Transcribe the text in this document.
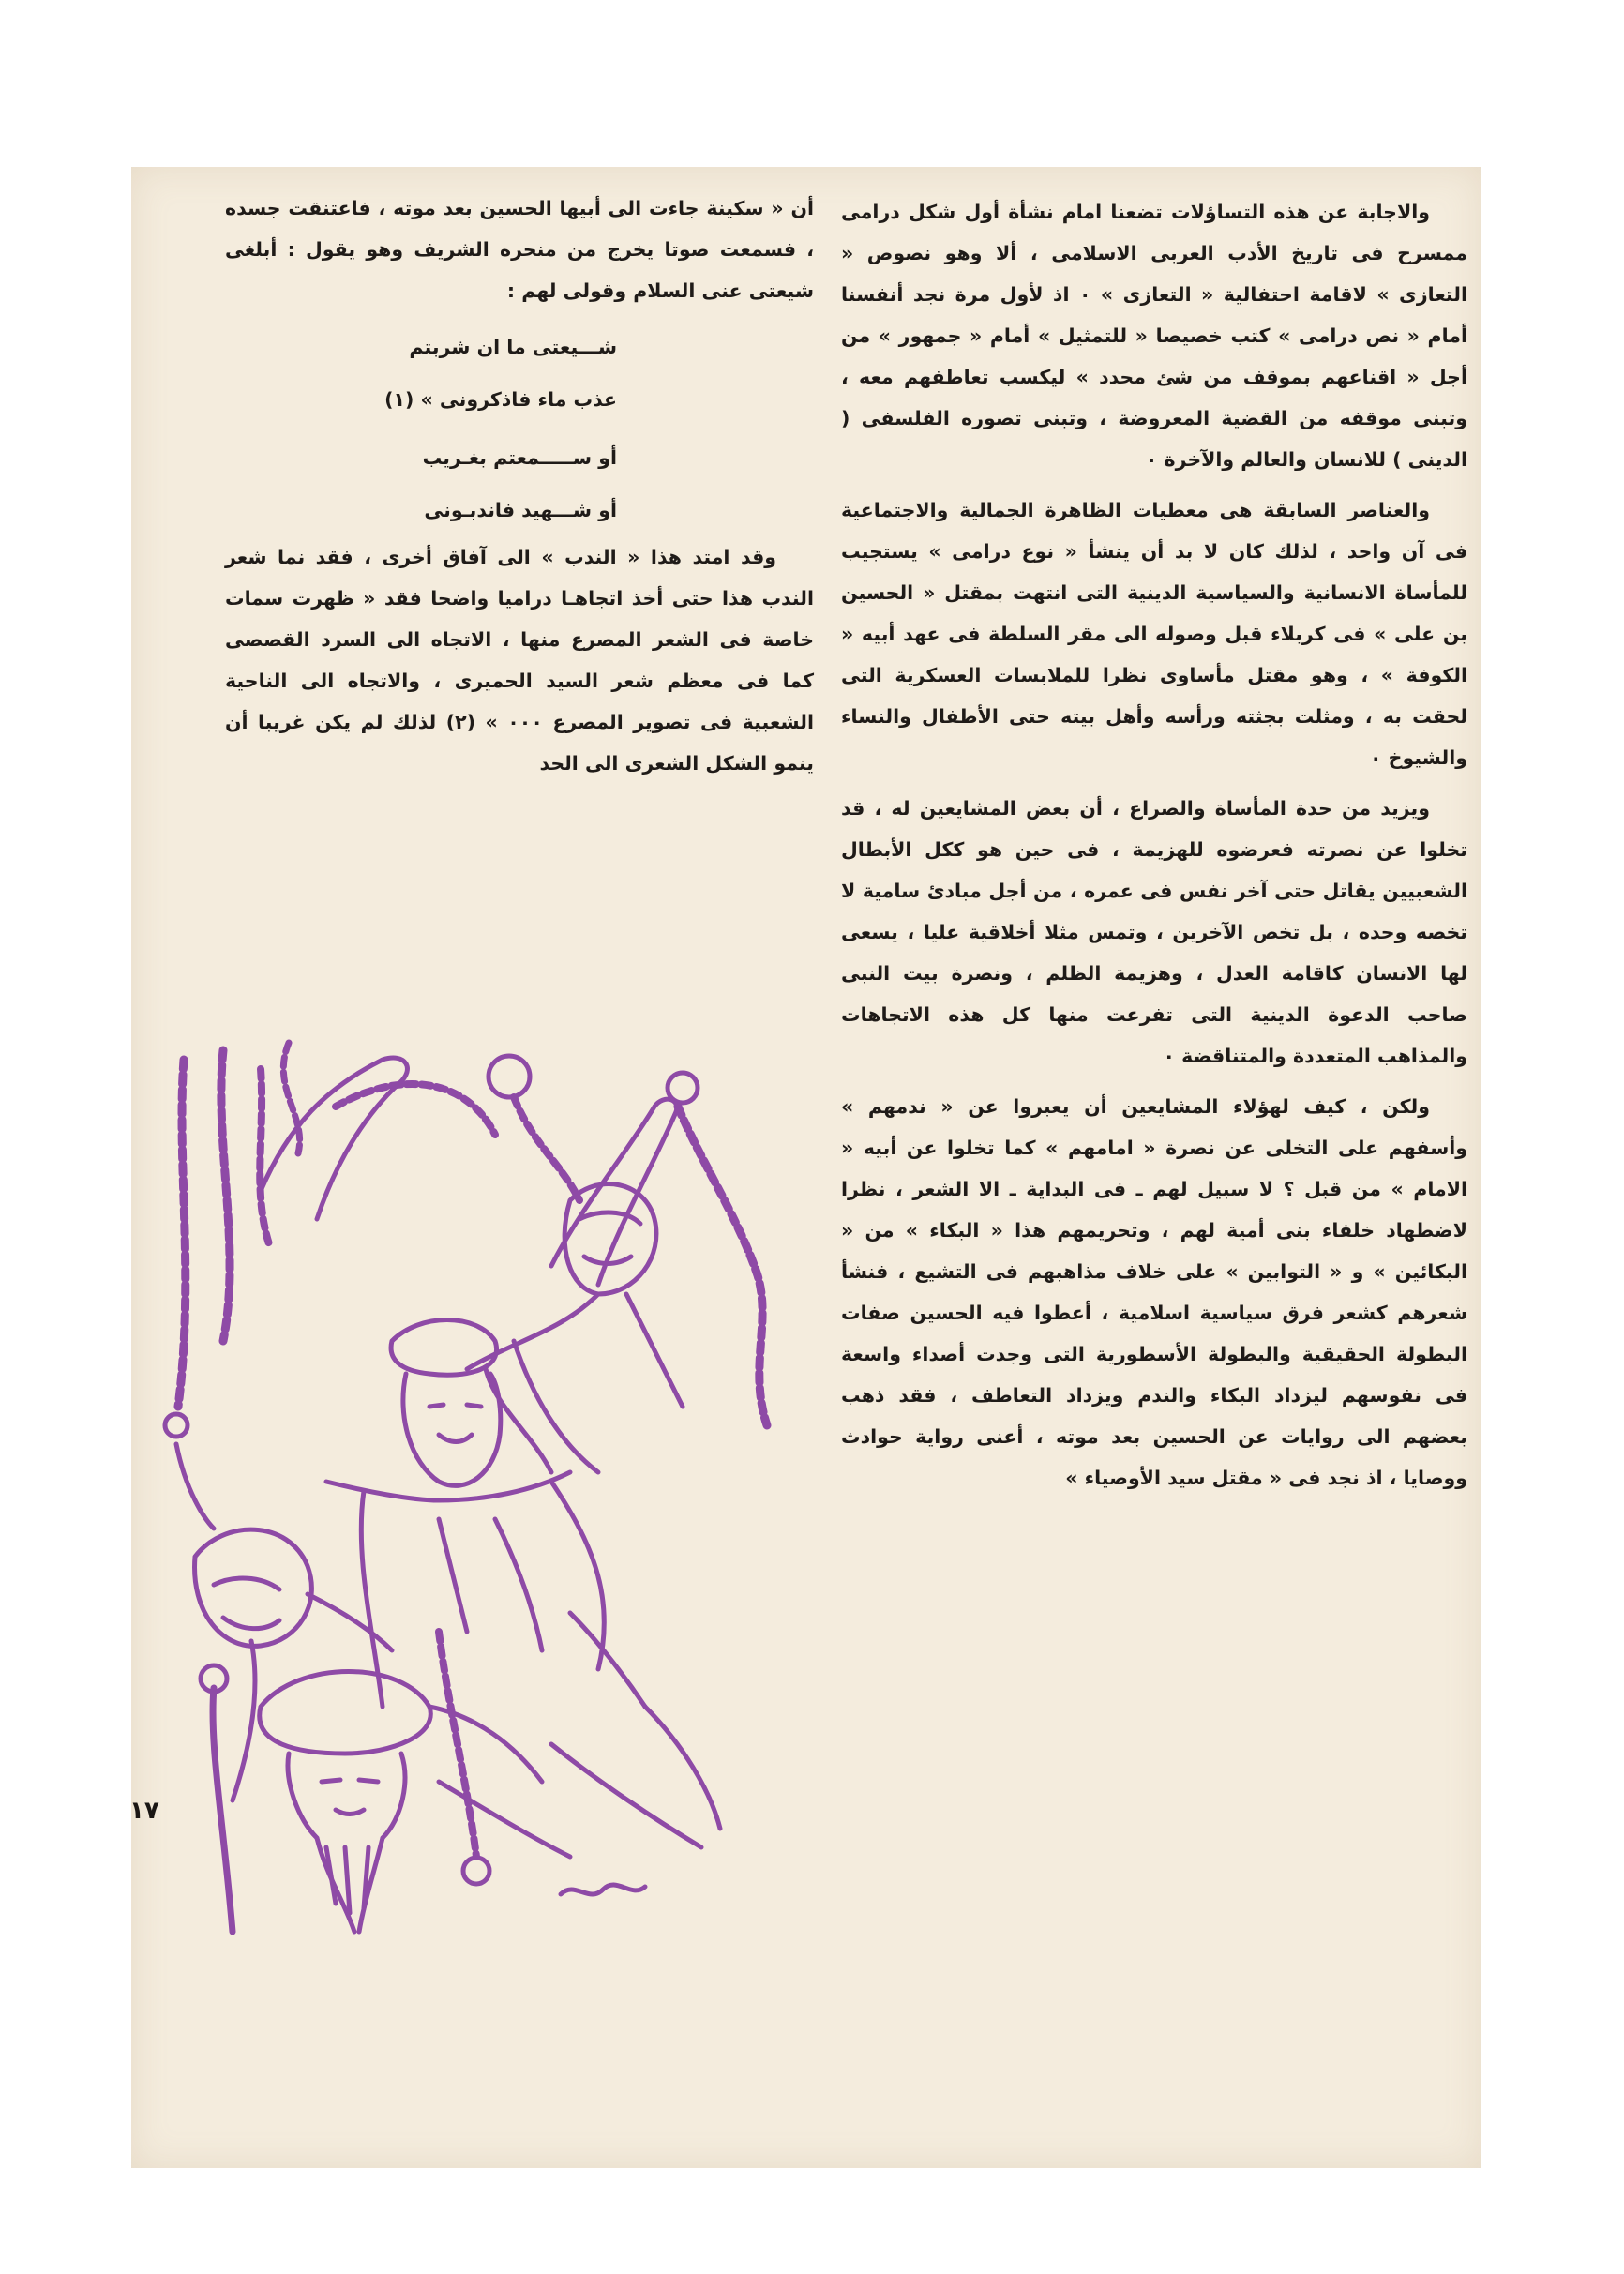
والاجابة عن هذه التساؤلات تضعنا امام نشأة أول شكل درامى ممسرح فى تاريخ الأدب العربى الاسلامى ، ألا وهو نصوص « التعازى » لاقامة احتفالية « التعازى » ٠ اذ لأول مرة نجد أنفسنا أمام « نص درامى » كتب خصيصا « للتمثيل » أمام « جمهور » من أجل « اقناعهم بموقف من شئ محدد » ليكسب تعاطفهم معه ، وتبنى موقفه من القضية المعروضة ، وتبنى تصوره الفلسفى ( الدينى ) للانسان والعالم والآخرة ٠

والعناصر السابقة هى معطيات الظاهرة الجمالية والاجتماعية فى آن واحد ، لذلك كان لا بد أن ينشأ « نوع درامى » يستجيب للمأساة الانسانية والسياسية الدينية التى انتهت بمقتل « الحسين بن على » فى كربلاء قبل وصوله الى مقر السلطة فى عهد أبيه « الكوفة » ، وهو مقتل مأساوى نظرا للملابسات العسكرية التى لحقت به ، ومثلت بجثته ورأسه وأهل بيته حتى الأطفال والنساء والشيوخ ٠

ويزيد من حدة المأساة والصراع ، أن بعض المشايعين له ، قد تخلوا عن نصرته فعرضوه للهزيمة ، فى حين هو ككل الأبطال الشعبيين يقاتل حتى آخر نفس فى عمره ، من أجل مبادئ سامية لا تخصه وحده ، بل تخص الآخرين ، وتمس مثلا أخلاقية عليا ، يسعى لها الانسان كاقامة العدل ، وهزيمة الظلم ، ونصرة بيت النبى صاحب الدعوة الدينية التى تفرعت منها كل هذه الاتجاهات والمذاهب المتعددة والمتناقضة ٠

ولكن ، كيف لهؤلاء المشايعين أن يعبروا عن « ندمهم » وأسفهم على التخلى عن نصرة « امامهم » كما تخلوا عن أبيه « الامام » من قبل ؟ لا سبيل لهم ـ فى البداية ـ الا الشعر ، نظرا لاضطهاد خلفاء بنى أمية لهم ، وتحريمهم هذا « البكاء » من « البكائين » و « التوابين » على خلاف مذاهبهم فى التشيع ، فنشأ شعرهم كشعر فرق سياسية اسلامية ، أعطوا فيه الحسين صفات البطولة الحقيقية والبطولة الأسطورية التى وجدت أصداء واسعة فى نفوسهم ليزداد البكاء والندم ويزداد التعاطف ، فقد ذهب بعضهم الى روايات عن الحسين بعد موته ، أعنى رواية حوادث ووصايا ، اذ نجد فى « مقتل سيد الأوصياء »

أن « سكينة جاءت الى أبيها الحسين بعد موته ، فاعتنقت جسده ، فسمعت صوتا يخرج من منحره الشريف وهو يقول : أبلغى شيعتى عنى السلام وقولى لهم :

شـــيعتى ما ان شربتم
عذب ماء فاذكرونى » (١)
أو ســـــمعتم بغـريب
أو شـــهيد فاندبـونى

وقد امتد هذا « الندب » الى آفاق أخرى ، فقد نما شعر الندب هذا حتى أخذ اتجاهـا دراميا واضحا فقد « ظهرت سمات خاصة فى الشعر المصرع منها ، الاتجاه الى السرد القصصى كما فى معظم شعر السيد الحميرى ، والاتجاه الى الناحية الشعبية فى تصوير المصرع ٠٠٠ » (٢) لذلك لم يكن غريبا أن ينمو الشكل الشعرى الى الحد

١٧
